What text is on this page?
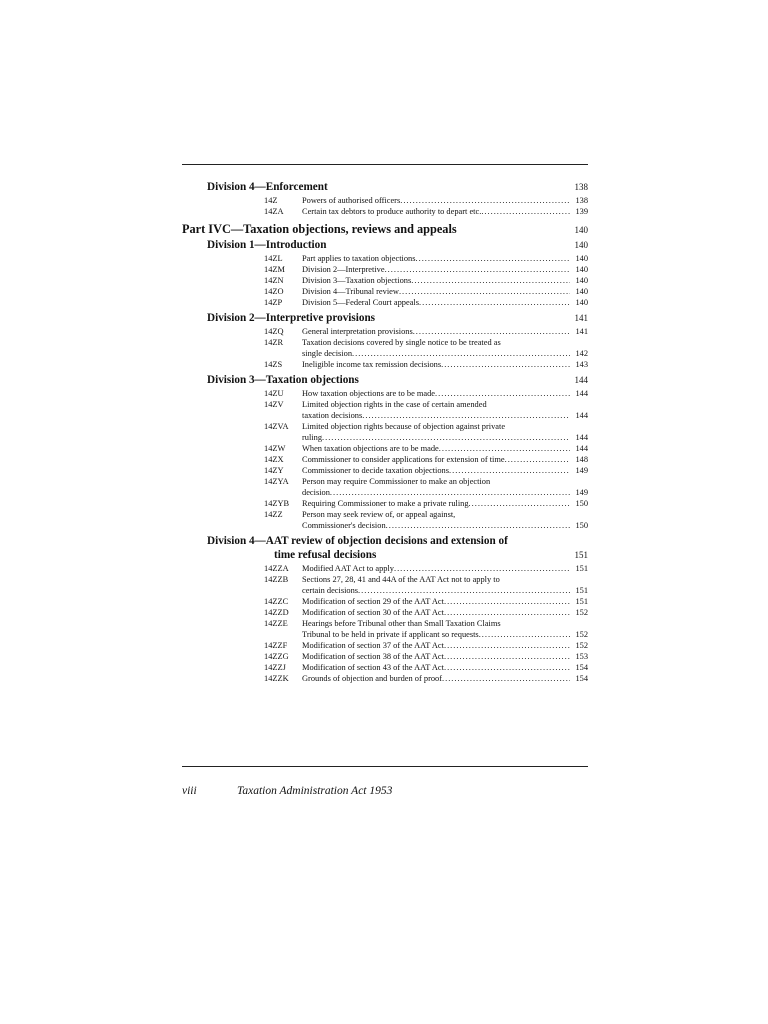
Division 4—Enforcement	138
14Z	Powers of authorised officers .....	138
14ZA Certain tax debtors to produce authority to depart etc. .....	139
Part IVC—Taxation objections, reviews and appeals	140
Division 1—Introduction	140
14ZL Part applies to taxation objections .....	140
14ZM Division 2—Interpretive .....	140
14ZN Division 3—Taxation objections .....	140
14ZO Division 4—Tribunal review .....	140
14ZP Division 5—Federal Court appeals .....	140
Division 2—Interpretive provisions	141
14ZQ General interpretation provisions .....	141
14ZR Taxation decisions covered by single notice to be treated as
single decision .....	142
14ZS Ineligible income tax remission decisions .....	143
Division 3—Taxation objections	144
14ZU How taxation objections are to be made .....	144
14ZV Limited objection rights in the case of certain amended
taxation decisions .....	144
14ZVA Limited objection rights because of objection against private
ruling .....	144
14ZW When taxation objections are to be made .....	144
14ZX Commissioner to consider applications for extension of time .....	148
14ZY Commissioner to decide taxation objections .....	149
14ZYA Person may require Commissioner to make an objection
decision .....	149
14ZYB Requiring Commissioner to make a private ruling .....	150
14ZZ Person may seek review of, or appeal against,
Commissioner's decision .....	150
Division 4—AAT review of objection decisions and extension of
time refusal decisions	151
14ZZA Modified AAT Act to apply .....	151
14ZZB Sections 27, 28, 41 and 44A of the AAT Act not to apply to
certain decisions .....	151
14ZZC Modification of section 29 of the AAT Act .....	151
14ZZD Modification of section 30 of the AAT Act .....	152
14ZZE Hearings before Tribunal other than Small Taxation Claims
Tribunal to be held in private if applicant so requests .....	152
14ZZF Modification of section 37 of the AAT Act .....	152
14ZZG Modification of section 38 of the AAT Act .....	153
14ZZJ Modification of section 43 of the AAT Act .....	154
14ZZK Grounds of objection and burden of proof .....	154
viii	Taxation Administration Act 1953
